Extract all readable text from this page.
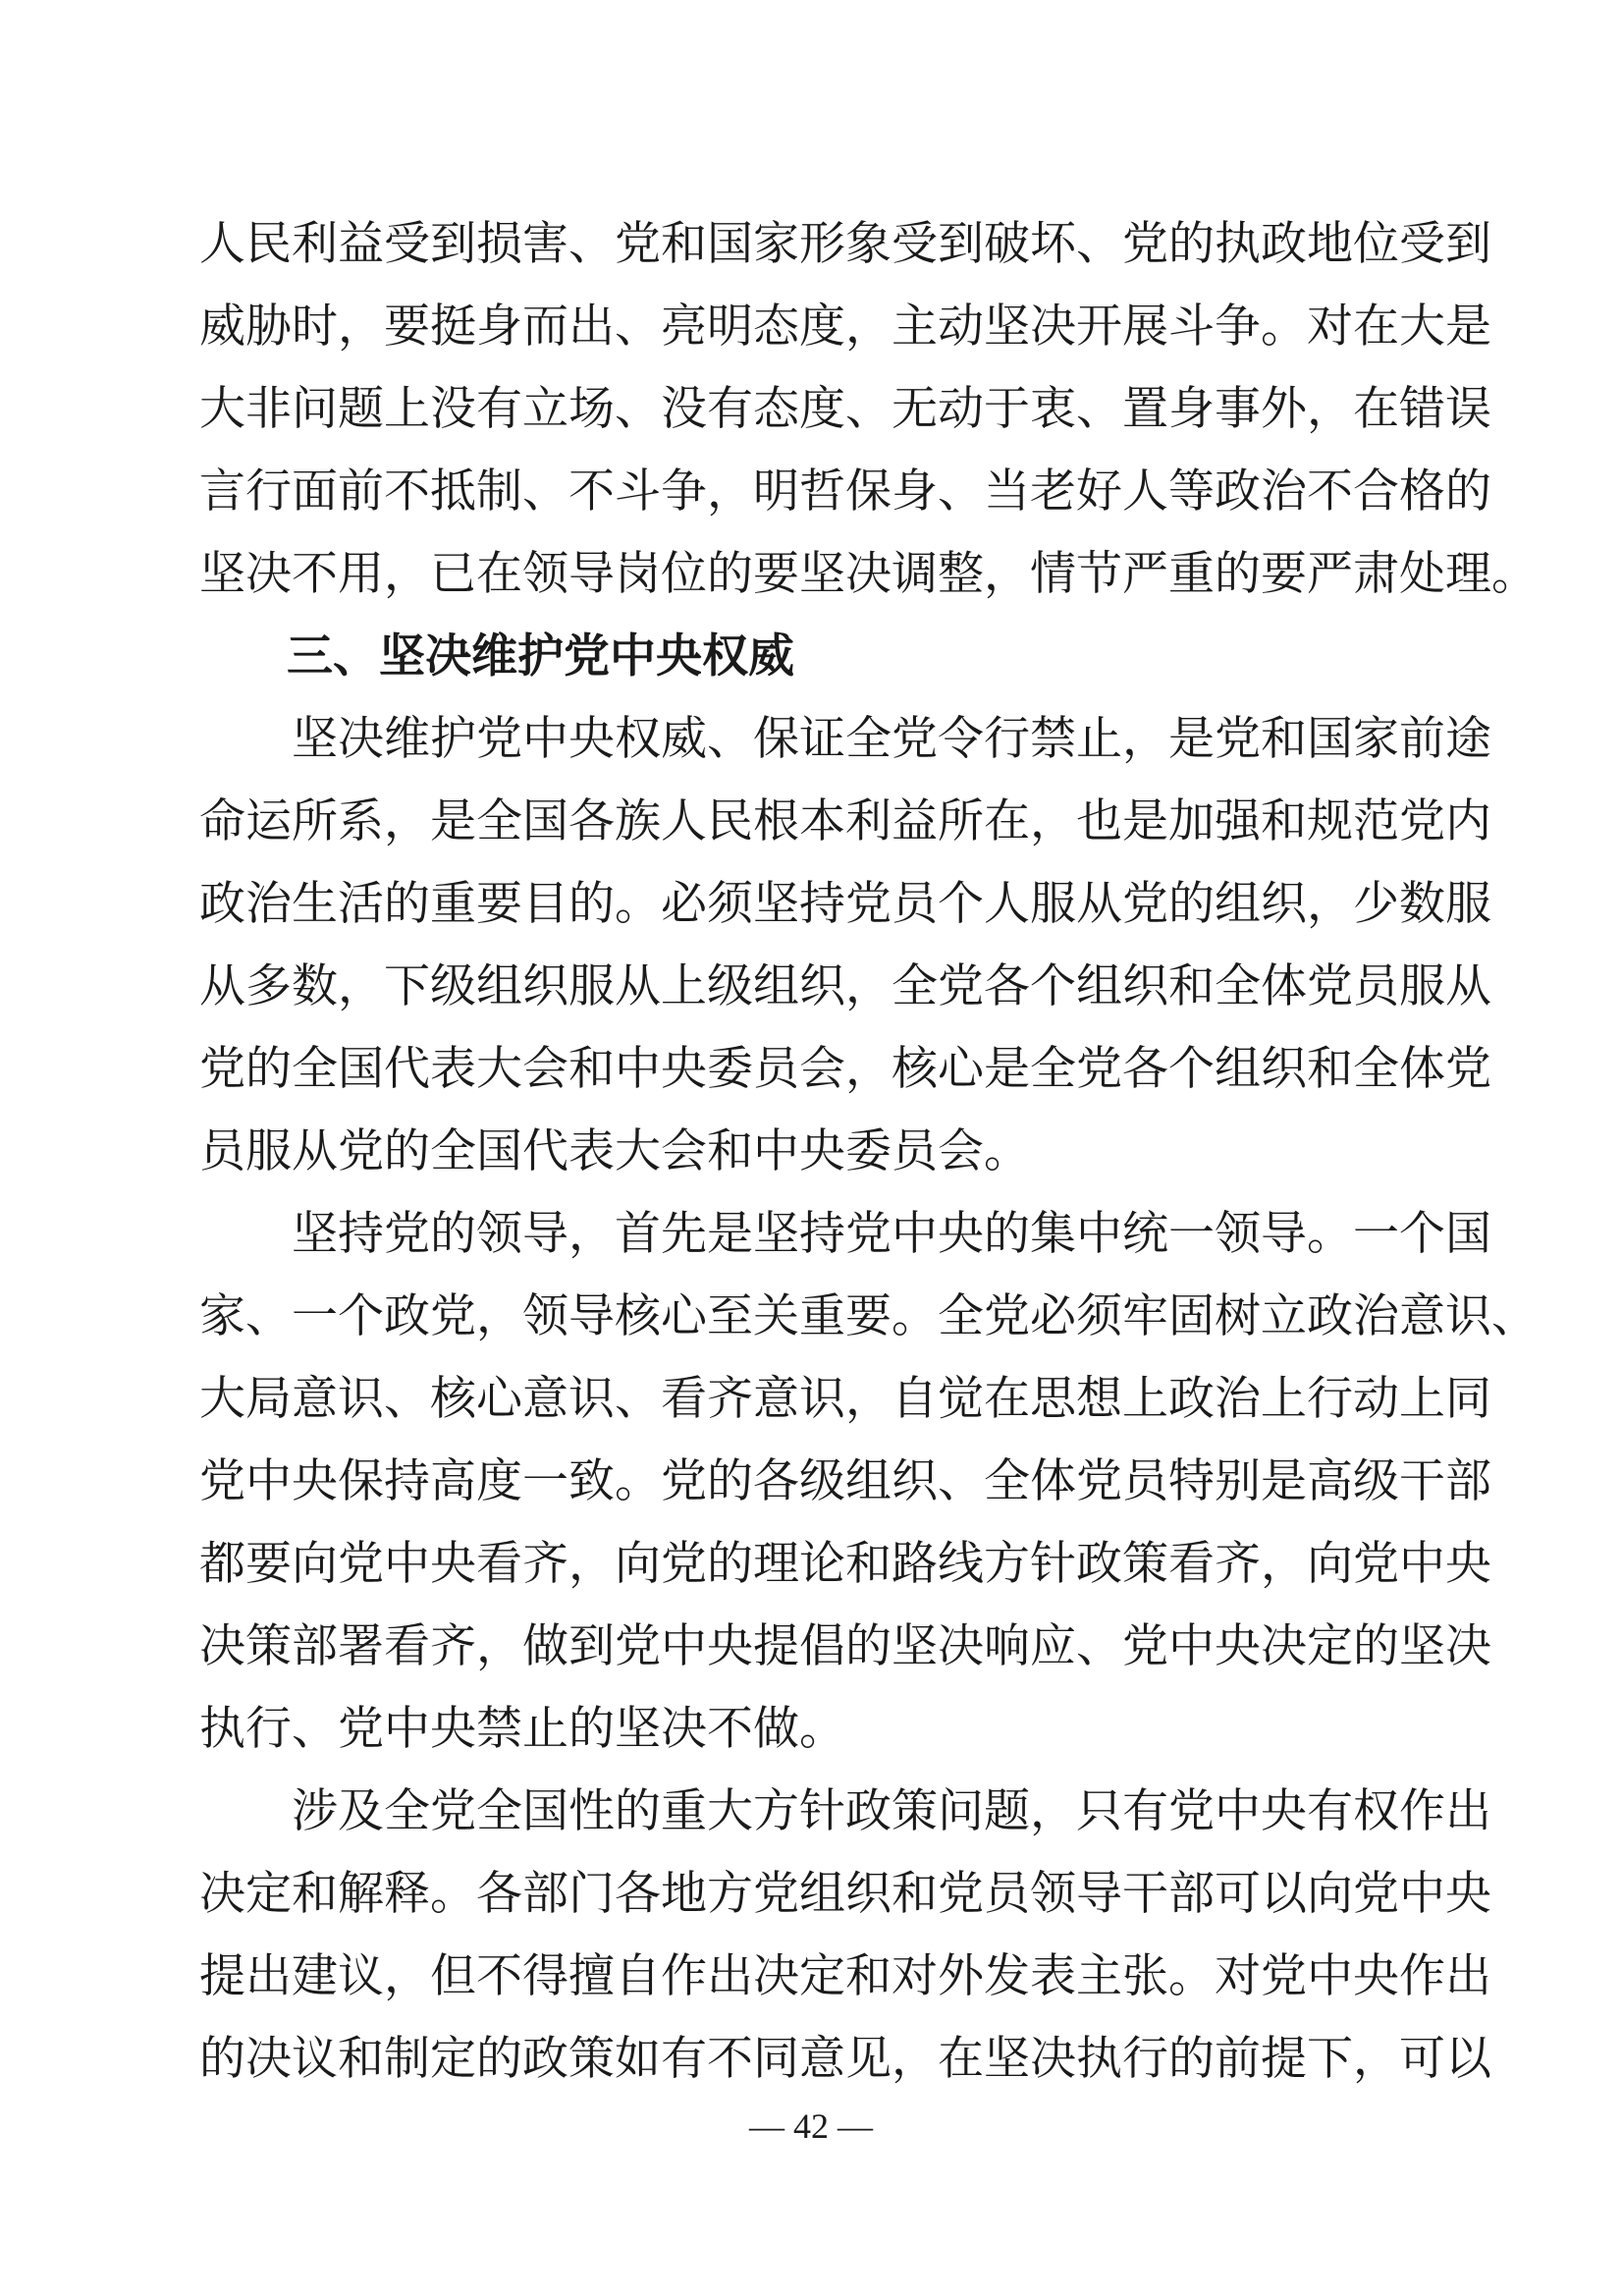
人民利益受到损害、党和国家形象受到破坏、党的执政地位受到
威胁时，要挺身而出、亮明态度，主动坚决开展斗争。对在大是
大非问题上没有立场、没有态度、无动于衷、置身事外，在错误
言行面前不抵制、不斗争，明哲保身、当老好人等政治不合格的
坚决不用，已在领导岗位的要坚决调整，情节严重的要严肃处理。
三、坚决维护党中央权威
坚决维护党中央权威、保证全党令行禁止，是党和国家前途
命运所系，是全国各族人民根本利益所在，也是加强和规范党内
政治生活的重要目的。必须坚持党员个人服从党的组织，少数服
从多数，下级组织服从上级组织，全党各个组织和全体党员服从
党的全国代表大会和中央委员会，核心是全党各个组织和全体党
员服从党的全国代表大会和中央委员会。
坚持党的领导，首先是坚持党中央的集中统一领导。一个国
家、一个政党，领导核心至关重要。全党必须牢固树立政治意识、
大局意识、核心意识、看齐意识，自觉在思想上政治上行动上同
党中央保持高度一致。党的各级组织、全体党员特别是高级干部
都要向党中央看齐，向党的理论和路线方针政策看齐，向党中央
决策部署看齐，做到党中央提倡的坚决响应、党中央决定的坚决
执行、党中央禁止的坚决不做。
涉及全党全国性的重大方针政策问题，只有党中央有权作出
决定和解释。各部门各地方党组织和党员领导干部可以向党中央
提出建议，但不得擅自作出决定和对外发表主张。对党中央作出
的决议和制定的政策如有不同意见，在坚决执行的前提下，可以
— 42 —
